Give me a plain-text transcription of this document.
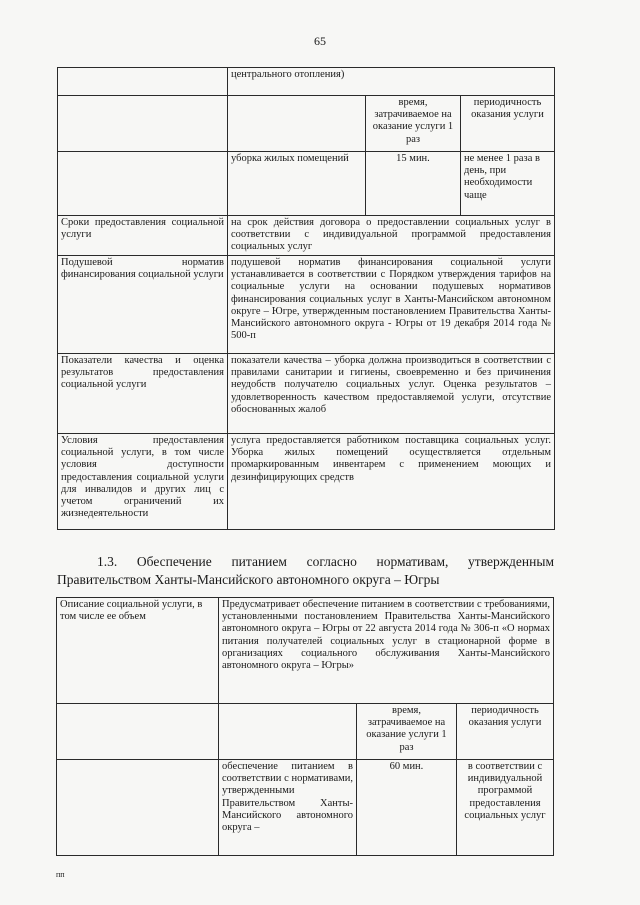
65
	центрального отопления)		
		время, затрачиваемое на оказание услуги 1 раз	периодичность оказания услуги
	уборка жилых помещений	15 мин.	не менее 1 раза в день, при необходимости чаще
Сроки предоставления социальной услуги	на срок действия договора о предоставлении социальных услуг в соответствии с индивидуальной программой предоставления социальных услуг		
Подушевой норматив финансирования социальной услуги	подушевой норматив финансирования социальной услуги устанавливается в соответствии с Порядком утверждения тарифов на социальные услуги на основании подушевых нормативов финансирования социальных услуг в Ханты-Мансийском автономном округе – Югре, утвержденным постановлением Правительства Ханты-Мансийского автономного округа - Югры от 19 декабря 2014 года № 500-п		
Показатели качества и оценка результатов предоставления социальной услуги	показатели качества – уборка должна производиться в соответствии с правилами санитарии и гигиены, своевременно и без причинения неудобств получателю социальных услуг. Оценка результатов – удовлетворенность качеством предоставляемой услуги, отсутствие обоснованных жалоб		
Условия предоставления социальной услуги, в том числе условия доступности предоставления социальной услуги для инвалидов и других лиц с учетом ограничений их жизнедеятельности	услуга предоставляется работником поставщика социальных услуг. Уборка жилых помещений осуществляется отдельным промаркированным инвентарем с применением моющих и дезинфицирующих средств		
1.3. Обеспечение питанием согласно нормативам, утвержденным Правительством Ханты-Мансийского автономного округа – Югры
Описание социальной услуги, в том числе ее объем	Предусматривает обеспечение питанием в соответствии с требованиями, установленными постановлением Правительства Ханты-Мансийского автономного округа – Югры от 22 августа 2014 года № 306-п «О нормах питания получателей социальных услуг в стационарной форме в организациях социального обслуживания Ханты-Мансийского автономного округа – Югры»		
		время, затрачиваемое на оказание услуги 1 раз	периодичность оказания услуги
	обеспечение питанием в соответствии с нормативами, утвержденными Правительством Ханты-Мансийского автономного округа –	60 мин.	в соответствии с индивидуальной программой предоставления социальных услуг
пп
